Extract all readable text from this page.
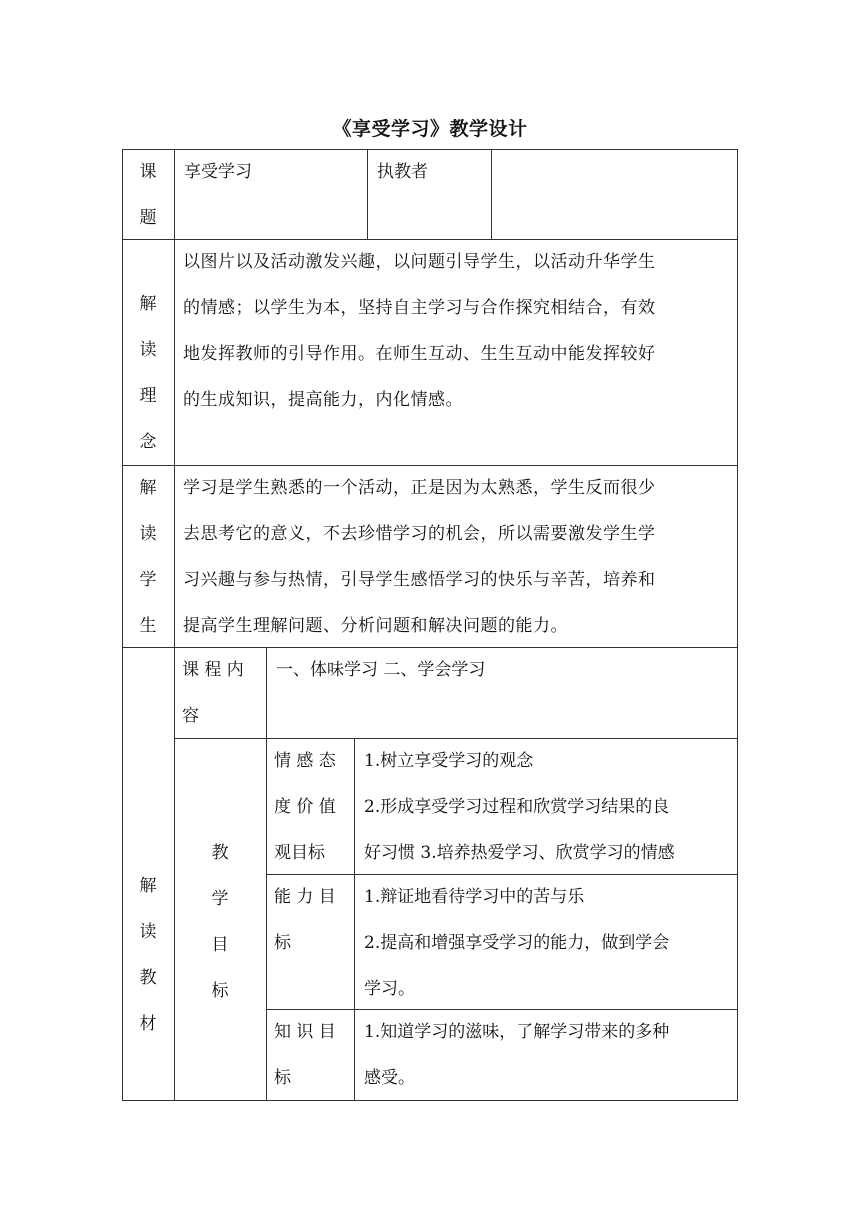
《享受学习》教学设计
课
题
享受学习	执教者
解
读
理
念
以图片以及活动激发兴趣，以问题引导学生，以活动升华学生
的情感；以学生为本，坚持自主学习与合作探究相结合，有效
地发挥教师的引导作用。在师生互动、生生互动中能发挥较好
的生成知识，提高能力，内化情感。
解
读
学
生
学习是学生熟悉的一个活动，正是因为太熟悉，学生反而很少
去思考它的意义，不去珍惜学习的机会，所以需要激发学生学
习兴趣与参与热情，引导学生感悟学习的快乐与辛苦，培养和
提高学生理解问题、分析问题和解决问题的能力。
解
读
教
材
课 程 内
容
一、体味学习 二、学会学习
教
学
目
标
情 感 态
度 价 值
观目标
1.树立享受学习的观念
2.形成享受学习过程和欣赏学习结果的良
好习惯 3.培养热爱学习、欣赏学习的情感
能 力 目
标
1.辩证地看待学习中的苦与乐
2.提高和增强享受学习的能力，做到学会
学习。
知 识 目
标
1.知道学习的滋味，了解学习带来的多种
感受。
